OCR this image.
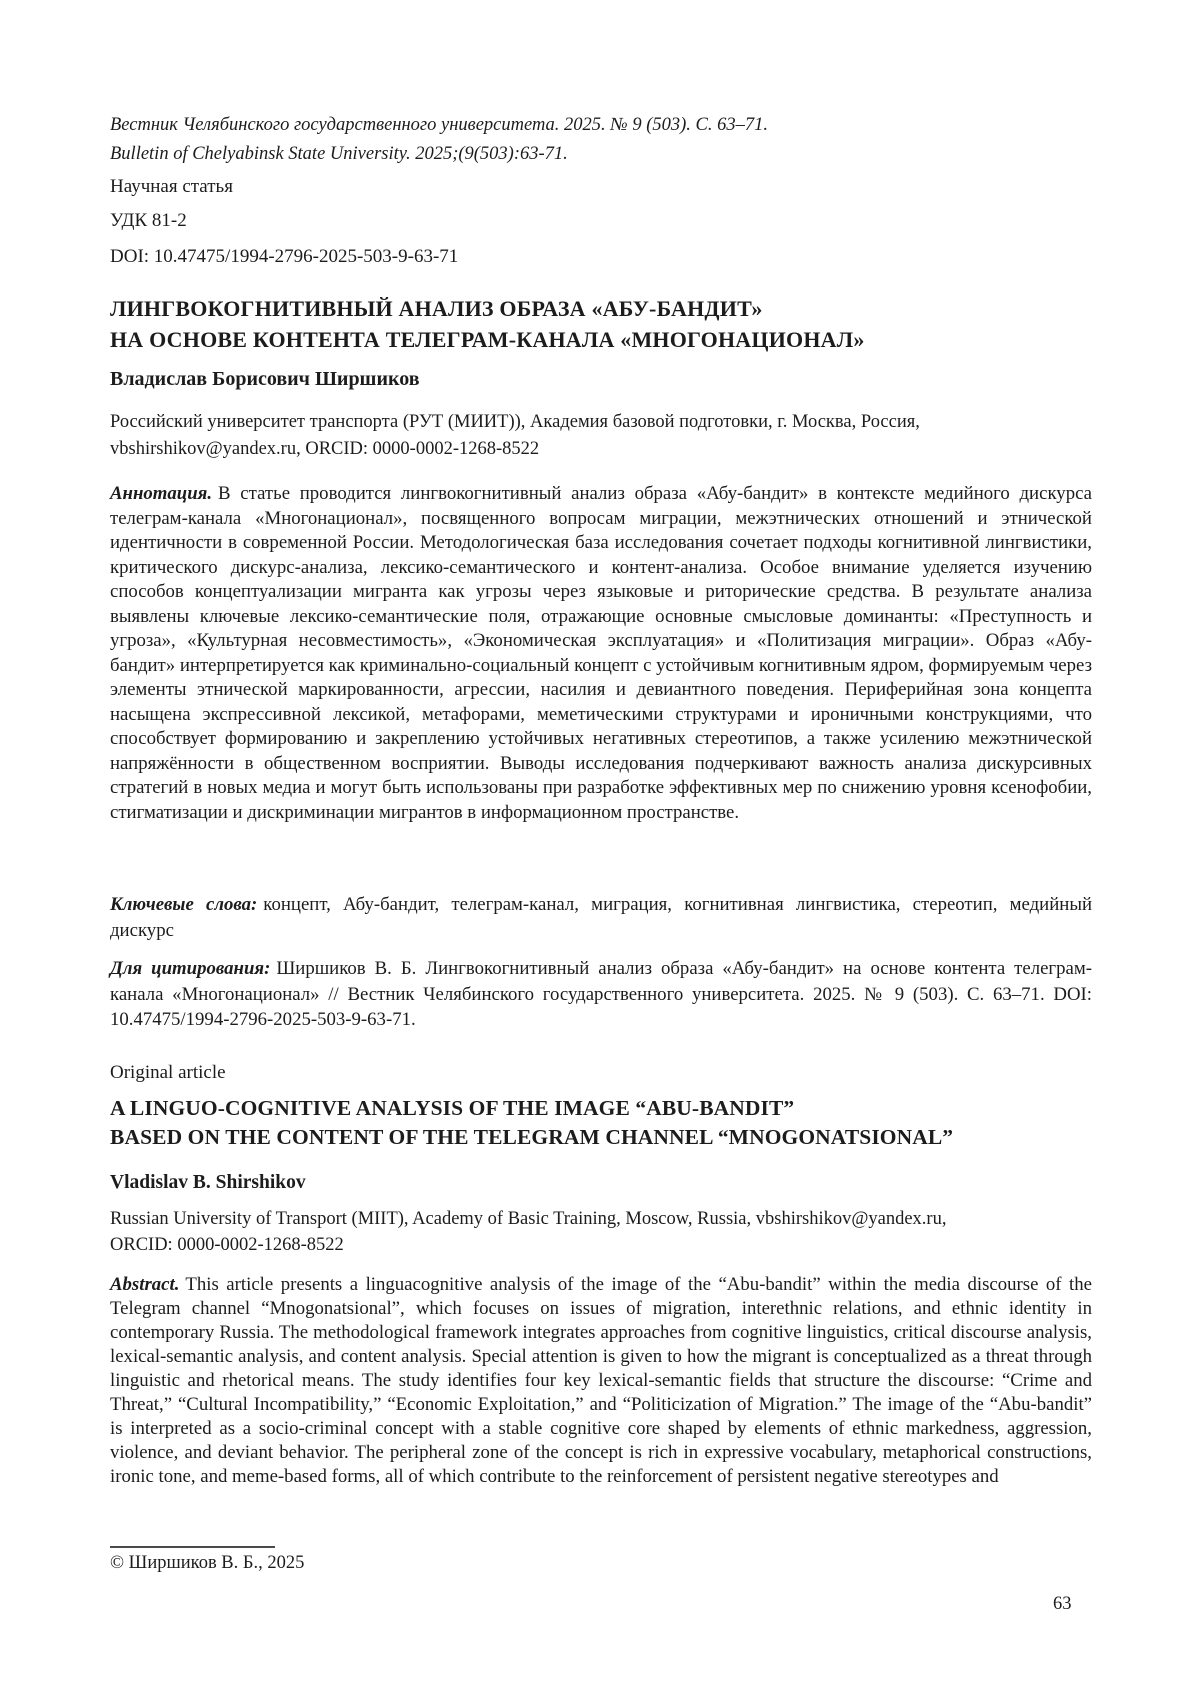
Вестник Челябинского государственного университета. 2025. № 9 (503). С. 63–71.
Bulletin of Chelyabinsk State University. 2025;(9(503):63-71.
Научная статья
УДК 81-2
DOI: 10.47475/1994-2796-2025-503-9-63-71
ЛИНГВОКОГНИТИВНЫЙ АНАЛИЗ ОБРАЗА «АБУ-БАНДИТ»
НА ОСНОВЕ КОНТЕНТА ТЕЛЕГРАМ-КАНАЛА «МНОГОНАЦИОНАЛ»
Владислав Борисович Ширшиков
Российский университет транспорта (РУТ (МИИТ)), Академия базовой подготовки, г. Москва, Россия,
vbshirshikov@yandex.ru, ORCID: 0000-0002-1268-8522

Аннотация. В статье проводится лингвокогнитивный анализ образа «Абу-бандит» в контексте медийного дискурса телеграм-канала «Многонационал», посвященного вопросам миграции, межэтнических отношений и этнической идентичности в современной России. Методологическая база исследования сочетает подходы когнитивной лингвистики, критического дискурс-анализа, лексико-семантического и контент-анализа. Особое внимание уделяется изучению способов концептуализации мигранта как угрозы через языковые и риторические средства. В результате анализа выявлены ключевые лексико-семантические поля, отражающие основные смысловые доминанты: «Преступность и угроза», «Культурная несовместимость», «Экономическая эксплуатация» и «Политизация миграции». Образ «Абу-бандит» интерпретируется как криминально-социальный концепт с устойчивым когнитивным ядром, формируемым через элементы этнической маркированности, агрессии, насилия и девиантного поведения. Периферийная зона концепта насыщена экспрессивной лексикой, метафорами, меметическими структурами и ироничными конструкциями, что способствует формированию и закреплению устойчивых негативных стереотипов, а также усилению межэтнической напряжённости в общественном восприятии. Выводы исследования подчеркивают важность анализа дискурсивных стратегий в новых медиа и могут быть использованы при разработке эффективных мер по снижению уровня ксенофобии, стигматизации и дискриминации мигрантов в информационном пространстве.

Ключевые слова: концепт, Абу-бандит, телеграм-канал, миграция, когнитивная лингвистика, стереотип, медийный дискурс

Для цитирования: Ширшиков В. Б. Лингвокогнитивный анализ образа «Абу-бандит» на основе контента телеграм-канала «Многонационал» // Вестник Челябинского государственного университета. 2025. № 9 (503). С. 63–71. DOI: 10.47475/1994-2796-2025-503-9-63-71.

Original article
A LINGUO-COGNITIVE ANALYSIS OF THE IMAGE “ABU-BANDIT”
BASED ON THE CONTENT OF THE TELEGRAM CHANNEL “MNOGONATSIONAL”
Vladislav B. Shirshikov
Russian University of Transport (MIIT), Academy of Basic Training, Moscow, Russia, vbshirshikov@yandex.ru,
ORCID: 0000-0002-1268-8522

Abstract. This article presents a linguacognitive analysis of the image of the “Abu-bandit” within the media discourse of the Telegram channel “Mnogonatsional”, which focuses on issues of migration, interethnic relations, and ethnic identity in contemporary Russia. The methodological framework integrates approaches from cognitive linguistics, critical discourse analysis, lexical-semantic analysis, and content analysis. Special attention is given to how the migrant is conceptualized as a threat through linguistic and rhetorical means. The study identifies four key lexical-semantic fields that structure the discourse: “Crime and Threat,” “Cultural Incompatibility,” “Economic Exploitation,” and “Politicization of Migration.” The image of the “Abu-bandit” is interpreted as a socio-criminal concept with a stable cognitive core shaped by elements of ethnic markedness, aggression, violence, and deviant behavior. The peripheral zone of the concept is rich in expressive vocabulary, metaphorical constructions, ironic tone, and meme-based forms, all of which contribute to the reinforcement of persistent negative stereotypes and

© Ширшиков В. Б., 2025
63
